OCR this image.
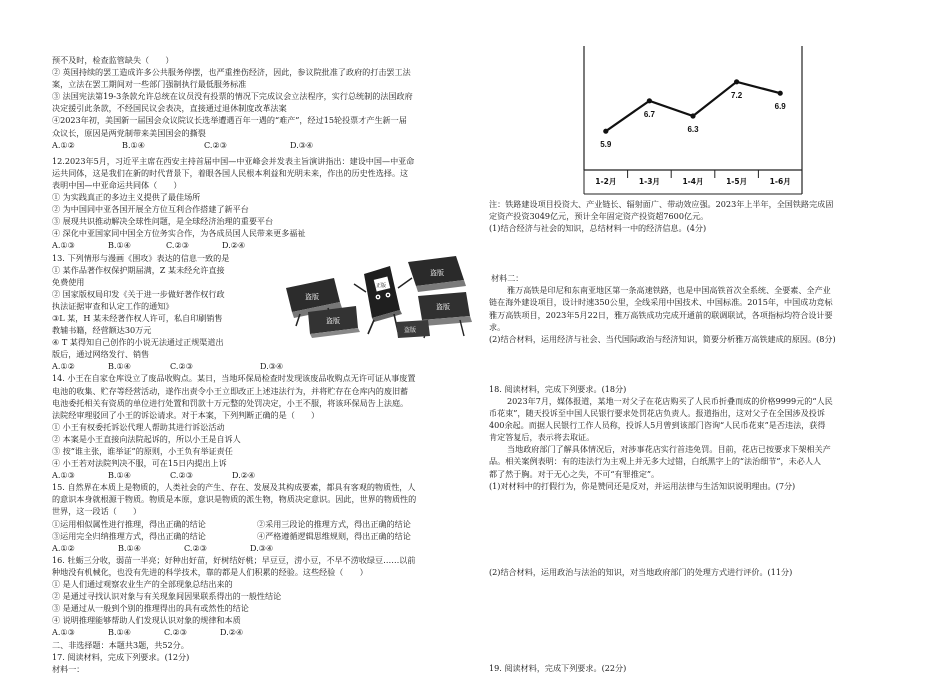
预不及时，检查监管缺失（　　）
② 英国持续的罢工造成许多公共服务停摆，也严重挫伤经济，因此，参议院批准了政府的打击罢工法
案，立法在罢工期间对一些部门强制执行最低服务标准
③ 法国宪法第19-3条款允许总统在议员没有投票的情况下完成议会立法程序，实行总统制的法国政府
决定援引此条款，不经国民议会表决，直接通过退休制度改革法案
④2023年初，美国新一届国会众议院议长选举遭遇百年一遇的“难产”，经过15轮投票才产生新一届
众议长，原因是两党制带来美国国会的撕裂
A.①②	B.①④	C.②③	D.③④
12.2023年5月，习近平主席在西安主持首届中国—中亚峰会并发表主旨演讲指出：建设中国—中亚命
运共同体，这是我们在新的时代背景下，着眼各国人民根本利益和光明未来，作出的历史性选择。这
表明中国—中亚命运共同体（　　）
① 为实践真正的多边主义提供了最佳场所
② 为中国同中亚各国开展全方位互利合作搭建了新平台
③ 展现共识推动解决全球性问题，是全球经济治理的重要平台
④ 深化中亚国家同中国全方位务实合作，为各成员国人民带来更多福祉
A.①③	B.①④	C.②③	D.②④
13. 下列情形与漫画《围攻》表达的信息一致的是
① 某作品著作权保护期届满，Z 某未经允许直接
免费使用
② 国家版权局印发《关于进一步做好著作权行政
执法证据审查和认定工作的通知》
③L 某，H 某未经著作权人许可，私自印刷销售
教辅书籍，经营额达30万元
④ T 某得知自己创作的小说无法通过正规渠道出
版后，通过网络发行、销售
A.①②	B.①④	C.②③	D.③④
盗版
盗版
正版
盗版
盗版
盗版
14. 小王在自家仓库设立了废品收购点。某日，当地环保局检查时发现该废品收购点无许可证从事废置
电池的收集、贮存等经营活动，遂作出责令小王立即改正上述违法行为，并将贮存在仓库内的废旧蓄
电池委托相关有资质的单位进行处置和罚款十万元整的处罚决定，小王不服，将该环保局告上法庭。
法院经审理驳回了小王的诉讼请求。对于本案，下列判断正确的是（　　）
① 小王有权委托诉讼代理人帮助其进行诉讼活动
② 本案是小王直接向法院起诉的，所以小王是自诉人
③ 按“谁主张，谁举证”的原则，小王负有举证责任
④ 小王若对法院判决不服，可在15日内提出上诉
A.①③	B.①④	C.②③	D.②④
15. 自然界在本质上是物质的，人类社会的产生、存在、发展及其构成要素，都具有客观的物质性，人
的意识本身就根源于物质。物质是本原，意识是物质的派生物，物质决定意识。因此，世界的物质性的
世界，这一段话（　　）
①运用相似属性进行推理，得出正确的结论	②采用三段论的推理方式，得出正确的结论
③运用完全归纳推理方式，得出正确的结论	④严格遵循逻辑思维规则，得出正确的结论
A.①②	B.①④	C.②③	D.③④
16. 牡蛎三分收，弱苗一半亮；好种出好苗，好树结好桃；早豆豆，涝小豆，不早不涝收绿豆……以前
种地没有机械化，也没有先进的科学技术，靠的都是人们积累的经验。这些经验（　　）
① 是人们通过观察农业生产的全部现象总结出来的
② 是通过寻找认识对象与有关现象间因果联系得出的一般性结论
③ 是通过从一般到个别的推理得出的具有或然性的结论
④ 说明推理能够帮助人们发现认识对象的规律和本质
A.①③	B.①④	C.②③	D.②④
二、非选择题：本题共3题，共52分。
17. 阅读材料，完成下列要求。(12分)
材料一：
5.9
6.7
6.3
7.2
6.9
1-2月	1-3月	1-4月	1-5月	1-6月
注：铁路建设项目投资大、产业链长、辐射面广、带动效应强。2023年上半年，全国铁路完成固
定资产投资3049亿元，预计全年固定资产投资超7600亿元。
(1)结合经济与社会的知识，总结材料一中的经济信息。(4分)
材料二：
雅万高铁是印尼和东南亚地区第一条高速铁路，也是中国高铁首次全系统、全要素、全产业
链在海外建设项目，设计时速350公里，全线采用中国技术、中国标准。2015年，中国成功竞标
雅万高铁项目，2023年5月22日，雅万高铁成功完成开通前的联调联试，各项指标均符合设计要
求。
(2)结合材料，运用经济与社会、当代国际政治与经济知识，简要分析雅万高铁建成的原因。(8分)
18. 阅读材料，完成下列要求。(18分)
2023年7月，媒体报道，某地一对父子在花店购买了人民币折叠而成的价格9999元的“人民
币花束”，随天投诉至中国人民银行要求处罚花店负责人。报道指出，这对父子在全国涉及投诉
400余起。而据人民银行工作人员称，投诉人5月曾到该部门咨询“人民币花束”是否违法，获得
肯定答复后，表示将去取证。
当地政府部门了解具体情况后，对涉事花店实行首违免罚。目前，花店已按要求下架相关产
品。相关案例表明：有的违法行为主观上并无多大过错，白纸黑字上的“法治细节”，未必人人
都了然于胸。对于无心之失，不可“有罪推定”。
(1)对材料中的打假行为，你是赞同还是反对，并运用法律与生活知识说明理由。(7分)
(2)结合材料，运用政治与法治的知识，对当地政府部门的处理方式进行评价。(11分)
19. 阅读材料，完成下列要求。(22分)
